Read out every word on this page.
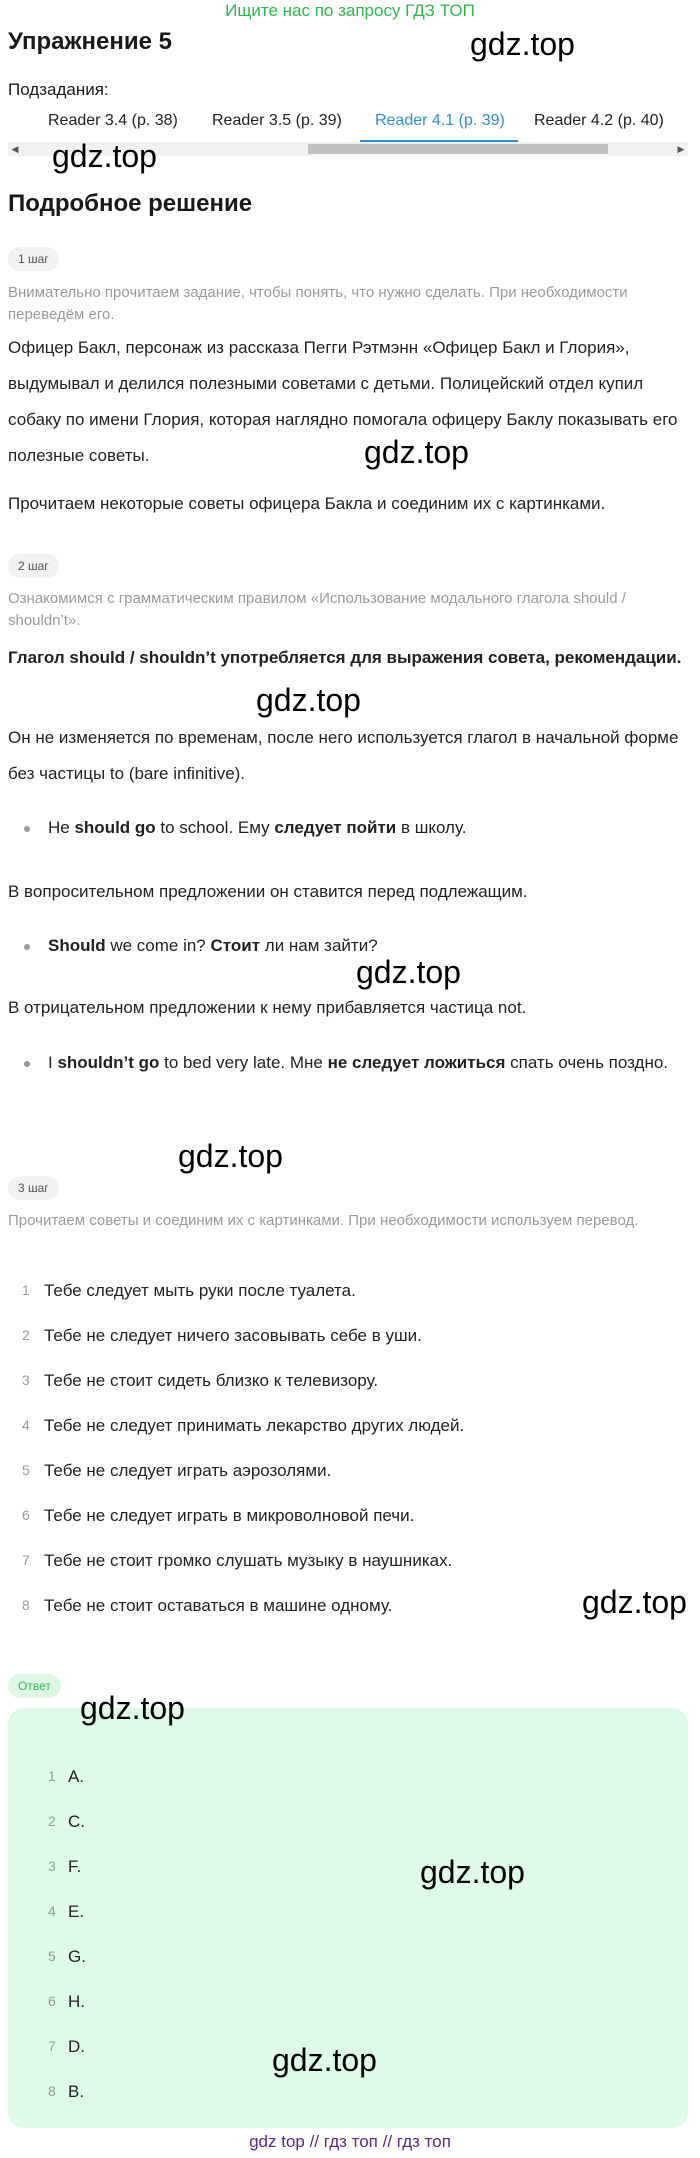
Ищите нас по запросу ГДЗ ТОП
Упражнение 5	gdz.top
Подзадания:
Reader 3.4 (p. 38) Reader 3.5 (p. 39) Reader 4.1 (p. 39) Reader 4.2 (p. 40)
◀	▶
gdz.top
Подробное решение
1 шаг
Внимательно прочитаем задание, чтобы понять, что нужно сделать. При необходимости переведём его.
Офицер Бакл, персонаж из рассказа Пегги Рэтмэнн «Офицер Бакл и Глория», выдумывал и делился полезными советами с детьми. Полицейский отдел купил собаку по имени Глория, которая наглядно помогала офицеру Баклу показывать его полезные советы.	gdz.top
Прочитаем некоторые советы офицера Бакла и соединим их с картинками.
2 шаг
Ознакомимся с грамматическим правилом «Использование модального глагола should / shouldn’t».
Глагол should / shouldn’t употребляется для выражения совета, рекомендации.
gdz.top
Он не изменяется по временам, после него используется глагол в начальной форме без частицы to (bare infinitive).
He should go to school. Ему следует пойти в школу.
В вопросительном предложении он ставится перед подлежащим.
Should we come in? Стоит ли нам зайти?
gdz.top
В отрицательном предложении к нему прибавляется частица not.
I shouldn’t go to bed very late. Мне не следует ложиться спать очень поздно.
gdz.top
3 шаг
Прочитаем советы и соединим их с картинками. При необходимости используем перевод.
1 Тебе следует мыть руки после туалета.
2 Тебе не следует ничего засовывать себе в уши.
3 Тебе не стоит сидеть близко к телевизору.
4 Тебе не следует принимать лекарство других людей.
5 Тебе не следует играть аэрозолями.
6 Тебе не следует играть в микроволновой печи.
7 Тебе не стоит громко слушать музыку в наушниках.
8 Тебе не стоит оставаться в машине одному.	gdz.top
Ответ
1 A.
2 C.
3 F.
4 E.
5 G.
6 H.
7 D.
8 B.
gdz.top
gdz.top
gdz.top
gdz top // гдз топ // гдз топ
